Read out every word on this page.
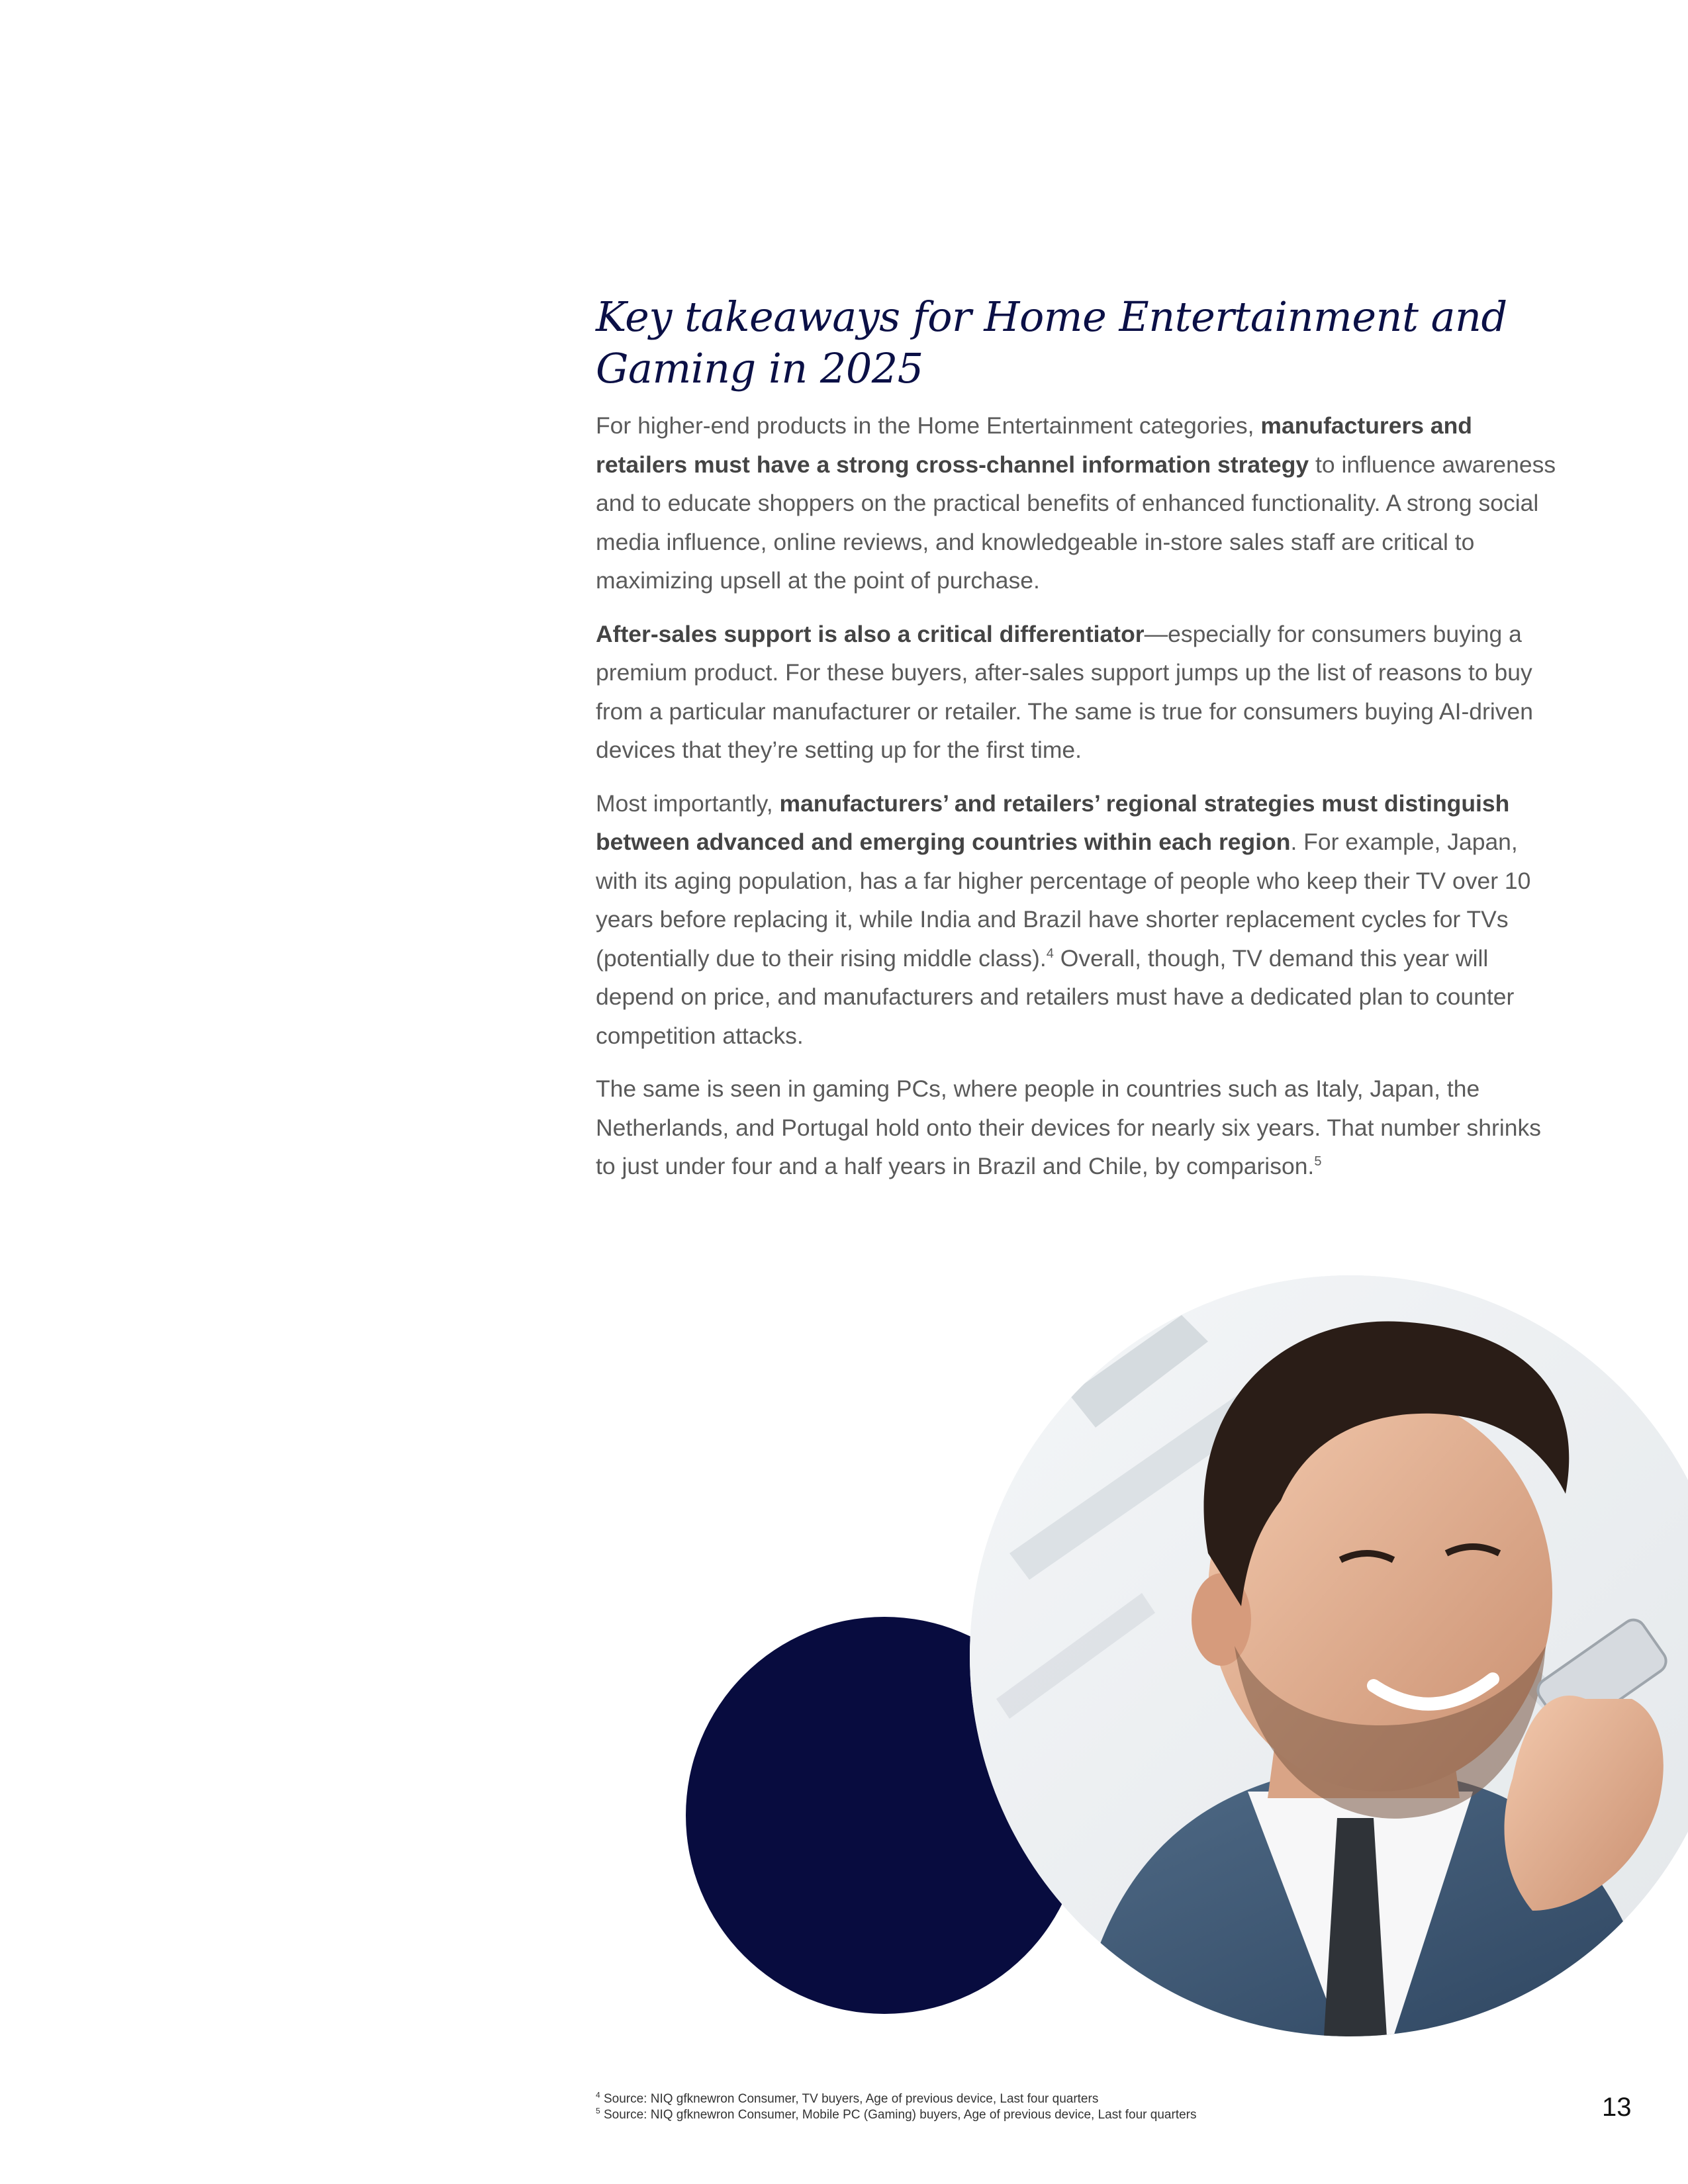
Key takeaways for Home Entertainment and
Gaming in 2025

For higher-end products in the Home Entertainment categories, manufacturers and retailers must have a strong cross-channel information strategy to influence awareness and to educate shoppers on the practical benefits of enhanced functionality. A strong social media influence, online reviews, and knowledgeable in-store sales staff are critical to maximizing upsell at the point of purchase.

After-sales support is also a critical differentiator—especially for consumers buying a premium product. For these buyers, after-sales support jumps up the list of reasons to buy from a particular manufacturer or retailer. The same is true for consumers buying AI-driven devices that they’re setting up for the first time.

Most importantly, manufacturers’ and retailers’ regional strategies must distinguish between advanced and emerging countries within each region. For example, Japan, with its aging population, has a far higher percentage of people who keep their TV over 10 years before replacing it, while India and Brazil have shorter replacement cycles for TVs (potentially due to their rising middle class).$^4$ Overall, though, TV demand this year will depend on price, and manufacturers and retailers must have a dedicated plan to counter competition attacks.

The same is seen in gaming PCs, where people in countries such as Italy, Japan, the Netherlands, and Portugal hold onto their devices for nearly six years. That number shrinks to just under four and a half years in Brazil and Chile, by comparison.$^5$

$^4$ Source: NIQ gfknewron Consumer, TV buyers, Age of previous device, Last four quarters
$^5$ Source: NIQ gfknewron Consumer, Mobile PC (Gaming) buyers, Age of previous device, Last four quarters	13
